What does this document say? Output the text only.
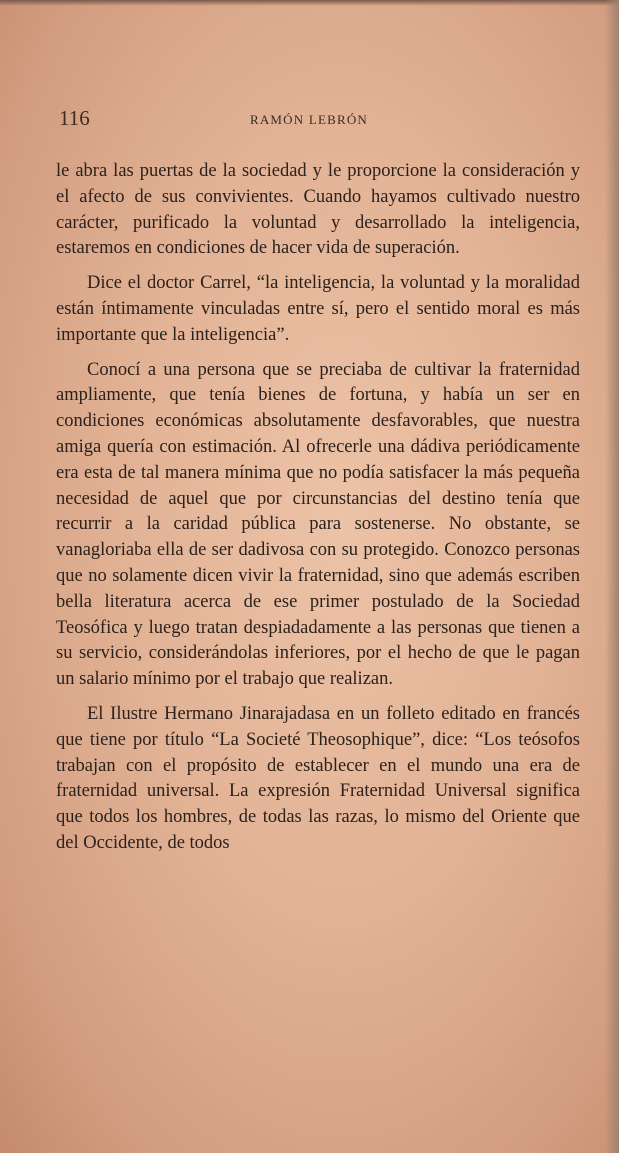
116	RAMÓN LEBRÓN

le abra las puertas de la sociedad y le proporcione la consideración y el afecto de sus convivientes. Cuando hayamos cultivado nuestro carácter, purificado la voluntad y desarrollado la inteligencia, estaremos en condiciones de hacer vida de superación.

Dice el doctor Carrel, “la inteligencia, la voluntad y la moralidad están íntimamente vinculadas entre sí, pero el sentido moral es más importante que la inteligencia”.

Conocí a una persona que se preciaba de cultivar la fraternidad ampliamente, que tenía bienes de fortuna, y había un ser en condiciones económicas absolutamente desfavorables, que nuestra amiga quería con estimación. Al ofrecerle una dádiva periódicamente era esta de tal manera mínima que no podía satisfacer la más pequeña necesidad de aquel que por circunstancias del destino tenía que recurrir a la caridad pública para sostenerse. No obstante, se vanagloriaba ella de ser dadivosa con su protegido. Conozco personas que no solamente dicen vivir la fraternidad, sino que además escriben bella literatura acerca de ese primer postulado de la Sociedad Teosófica y luego tratan despiadadamente a las personas que tienen a su servicio, considerándolas inferiores, por el hecho de que le pagan un salario mínimo por el trabajo que realizan.

El Ilustre Hermano Jinarajadasa en un folleto editado en francés que tiene por título “La Societé Theosophique”, dice: “Los teósofos trabajan con el propósito de establecer en el mundo una era de fraternidad universal. La expresión Fraternidad Universal significa que todos los hombres, de todas las razas, lo mismo del Oriente que del Occidente, de todos
